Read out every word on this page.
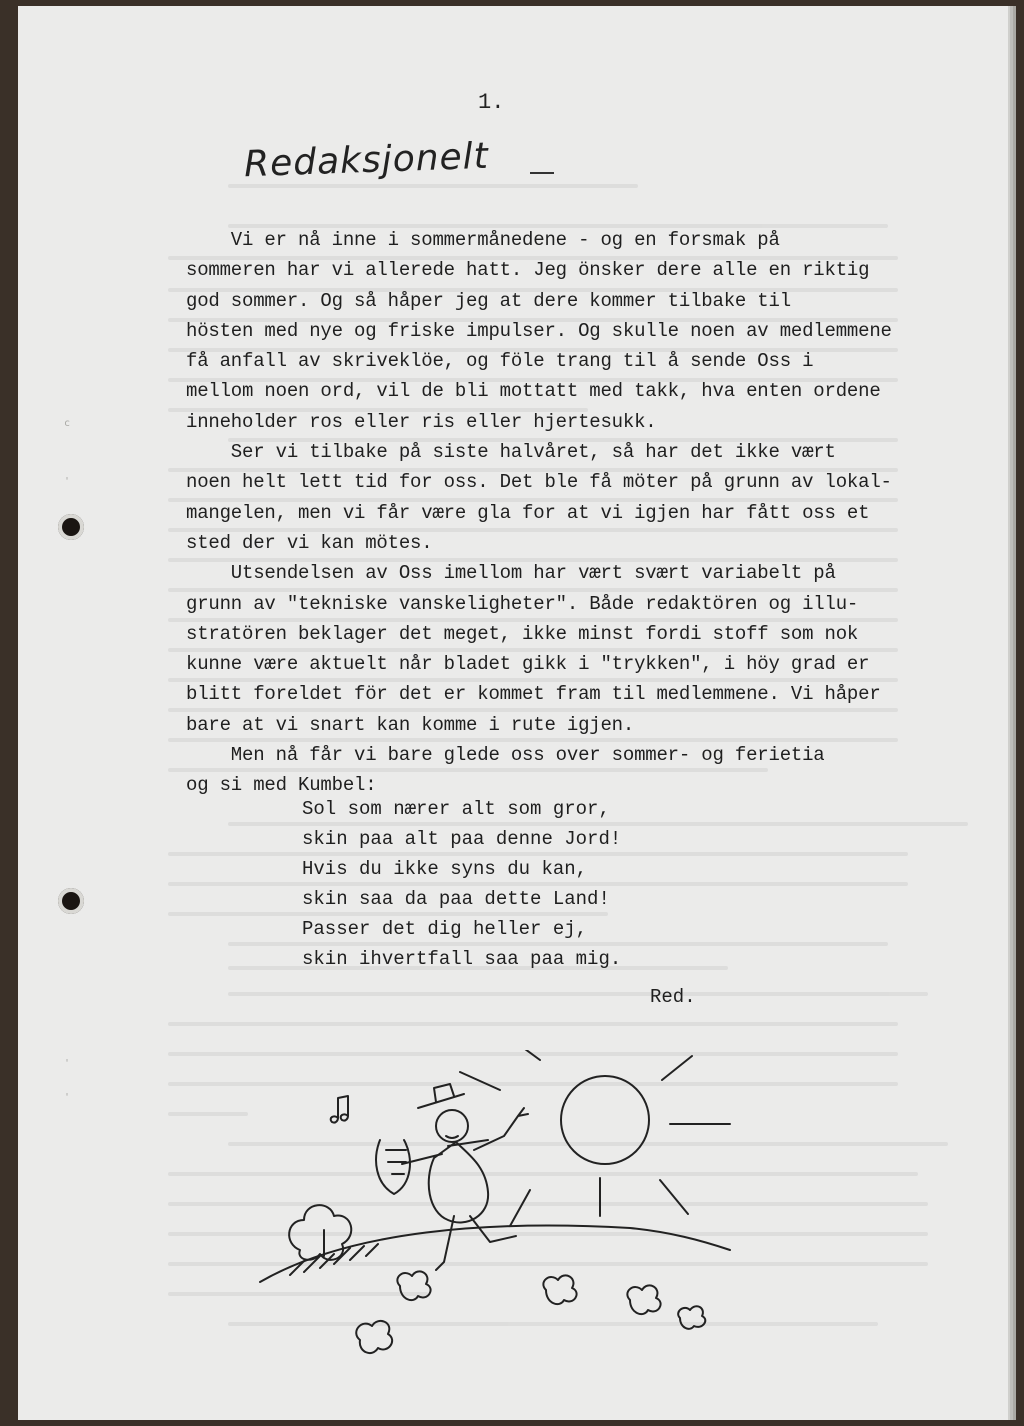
c
'
'
'
1.
Redaksjonelt

Vi er nå inne i sommermånedene - og en forsmak på

sommeren har vi allerede hatt. Jeg önsker dere alle en riktig

god sommer. Og så håper jeg at dere kommer tilbake til

hösten med nye og friske impulser. Og skulle noen av medlemmene

få anfall av skriveklöe, og föle trang til å sende Oss i

mellom noen ord, vil de bli mottatt med takk, hva enten ordene

inneholder ros eller ris eller hjertesukk.

Ser vi tilbake på siste halvåret, så har det ikke vært

noen helt lett tid for oss. Det ble få möter på grunn av lokal-

mangelen, men vi får være gla for at vi igjen har fått oss et

sted der vi kan mötes.

Utsendelsen av Oss imellom har vært svært variabelt på

grunn av "tekniske vanskeligheter". Både redaktören og illu-

stratören beklager det meget, ikke minst fordi stoff som nok

kunne være aktuelt når bladet gikk i "trykken", i höy grad er

blitt foreldet för det er kommet fram til medlemmene. Vi håper

bare at vi snart kan komme i rute igjen.

Men nå får vi bare glede oss over sommer- og ferietia

og si med Kumbel:

Sol som nærer alt som gror,

skin paa alt paa denne Jord!

Hvis du ikke syns du kan,

skin saa da paa dette Land!

Passer det dig heller ej,

skin ihvertfall saa paa mig.

Red.
